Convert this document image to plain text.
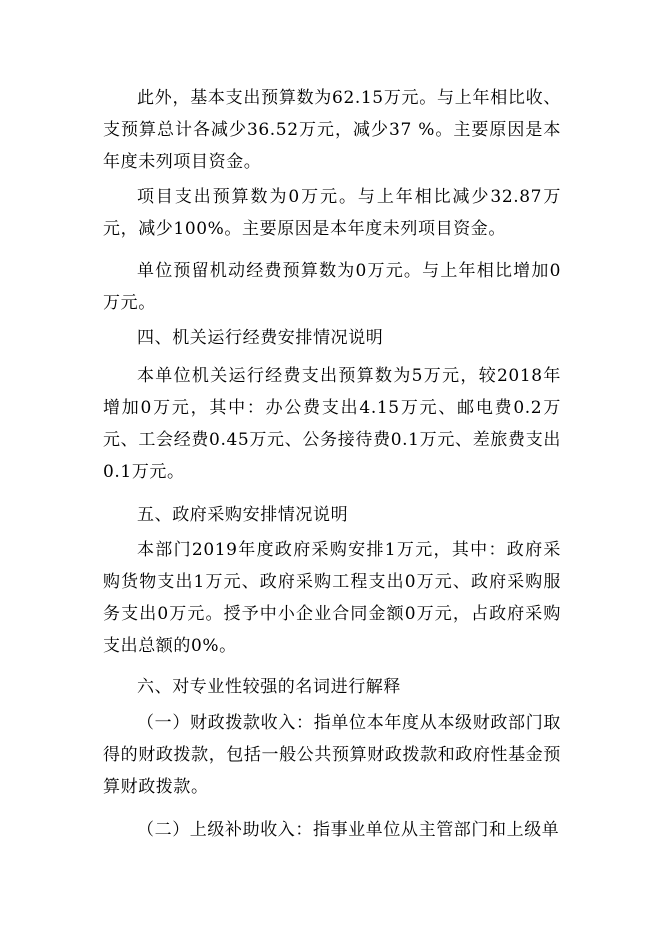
此外，基本支出预算数为62.15万元。与上年相比收、支预算总计各减少36.52万元，减少37 %。主要原因是本年度未列项目资金。

项目支出预算数为0万元。与上年相比减少32.87万元，减少100%。主要原因是本年度未列项目资金。

单位预留机动经费预算数为0万元。与上年相比增加0万元。

四、机关运行经费安排情况说明

本单位机关运行经费支出预算数为5万元，较2018年增加0万元，其中：办公费支出4.15万元、邮电费0.2万元、工会经费0.45万元、公务接待费0.1万元、差旅费支出0.1万元。

五、政府采购安排情况说明

本部门2019年度政府采购安排1万元，其中：政府采购货物支出1万元、政府采购工程支出0万元、政府采购服务支出0万元。授予中小企业合同金额0万元，占政府采购支出总额的0%。

六、对专业性较强的名词进行解释

（一）财政拨款收入：指单位本年度从本级财政部门取得的财政拨款，包括一般公共预算财政拨款和政府性基金预算财政拨款。

（二）上级补助收入：指事业单位从主管部门和上级单
